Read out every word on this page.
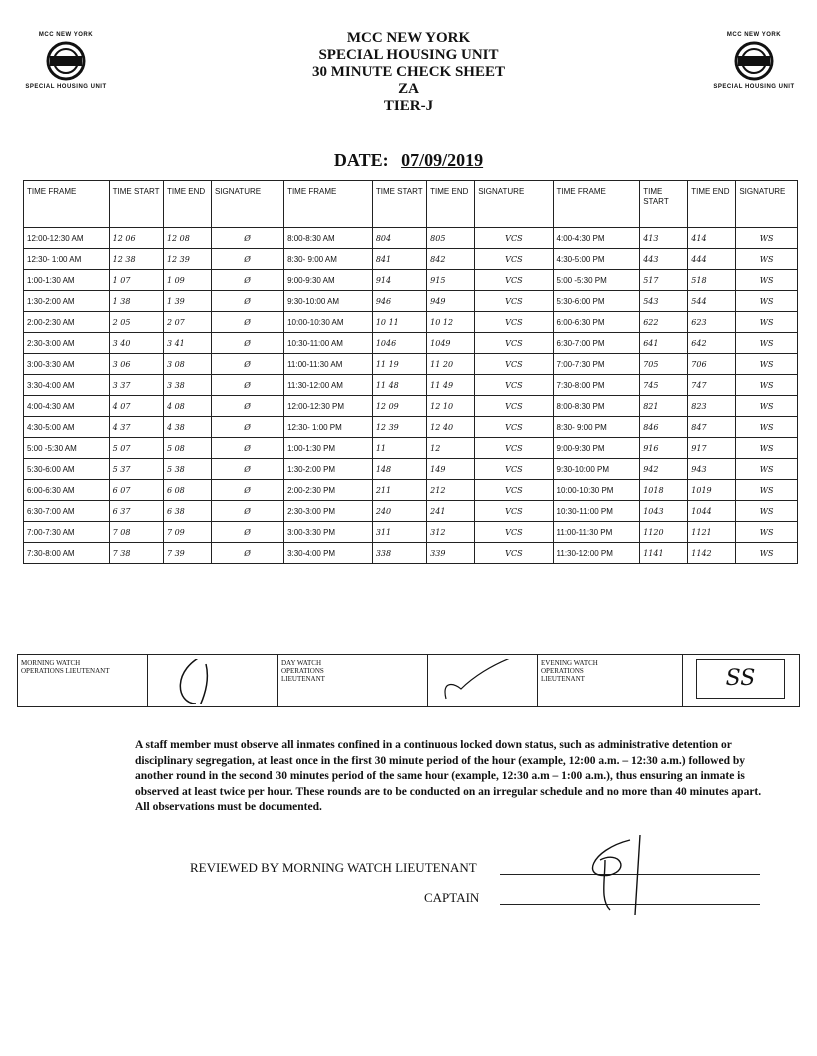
MCC NEW YORK
SPECIAL HOUSING UNIT
MCC NEW YORK
SPECIAL HOUSING UNIT
MCC NEW YORK
SPECIAL HOUSING UNIT
30 MINUTE CHECK SHEET
ZA
TIER-J
DATE: 07/09/2019
TIME FRAME	TIME START	TIME END	SIGNATURE	TIME FRAME	TIME START	TIME END	SIGNATURE	TIME FRAME	TIME START	TIME END	SIGNATURE
12:00-12:30 AM	12 06	12 08	Ø	8:00-8:30 AM	804	805	VCS	4:00-4:30 PM	413	414	WS
12:30- 1:00 AM	12 38	12 39	Ø	8:30- 9:00 AM	841	842	VCS	4:30-5:00 PM	443	444	WS
1:00-1:30 AM	1 07	1 09	Ø	9:00-9:30 AM	914	915	VCS	5:00 -5:30 PM	517	518	WS
1:30-2:00 AM	1 38	1 39	Ø	9:30-10:00 AM	946	949	VCS	5:30-6:00 PM	543	544	WS
2:00-2:30 AM	2 05	2 07	Ø	10:00-10:30 AM	10 11	10 12	VCS	6:00-6:30 PM	622	623	WS
2:30-3:00 AM	3 40	3 41	Ø	10:30-11:00 AM	1046	1049	VCS	6:30-7:00 PM	641	642	WS
3:00-3:30 AM	3 06	3 08	Ø	11:00-11:30 AM	11 19	11 20	VCS	7:00-7:30 PM	705	706	WS
3:30-4:00 AM	3 37	3 38	Ø	11:30-12:00 AM	11 48	11 49	VCS	7:30-8:00 PM	745	747	WS
4:00-4:30 AM	4 07	4 08	Ø	12:00-12:30 PM	12 09	12 10	VCS	8:00-8:30 PM	821	823	WS
4:30-5:00 AM	4 37	4 38	Ø	12:30- 1:00 PM	12 39	12 40	VCS	8:30- 9:00 PM	846	847	WS
5:00 -5:30 AM	5 07	5 08	Ø	1:00-1:30 PM	11	12	VCS	9:00-9:30 PM	916	917	WS
5:30-6:00 AM	5 37	5 38	Ø	1:30-2:00 PM	148	149	VCS	9:30-10:00 PM	942	943	WS
6:00-6:30 AM	6 07	6 08	Ø	2:00-2:30 PM	211	212	VCS	10:00-10:30 PM	1018	1019	WS
6:30-7:00 AM	6 37	6 38	Ø	2:30-3:00 PM	240	241	VCS	10:30-11:00 PM	1043	1044	WS
7:00-7:30 AM	7 08	7 09	Ø	3:00-3:30 PM	311	312	VCS	11:00-11:30 PM	1120	1121	WS
7:30-8:00 AM	7 38	7 39	Ø	3:30-4:00 PM	338	339	VCS	11:30-12:00 PM	1141	1142	WS
MORNING WATCH OPERATIONS LIEUTENANT
DAY WATCH OPERATIONS LIEUTENANT
EVENING WATCH OPERATIONS LIEUTENANT	SS
A staff member must observe all inmates confined in a continuous locked down status, such as administrative detention or disciplinary segregation, at least once in the first 30 minute period of the hour (example, 12:00 a.m. – 12:30 a.m.) followed by another round in the second 30 minutes period of the same hour (example, 12:30 a.m – 1:00 a.m.), thus ensuring an inmate is observed at least twice per hour. These rounds are to be conducted on an irregular schedule and no more than 40 minutes apart. All observations must be documented.
REVIEWED BY MORNING WATCH LIEUTENANT
CAPTAIN
